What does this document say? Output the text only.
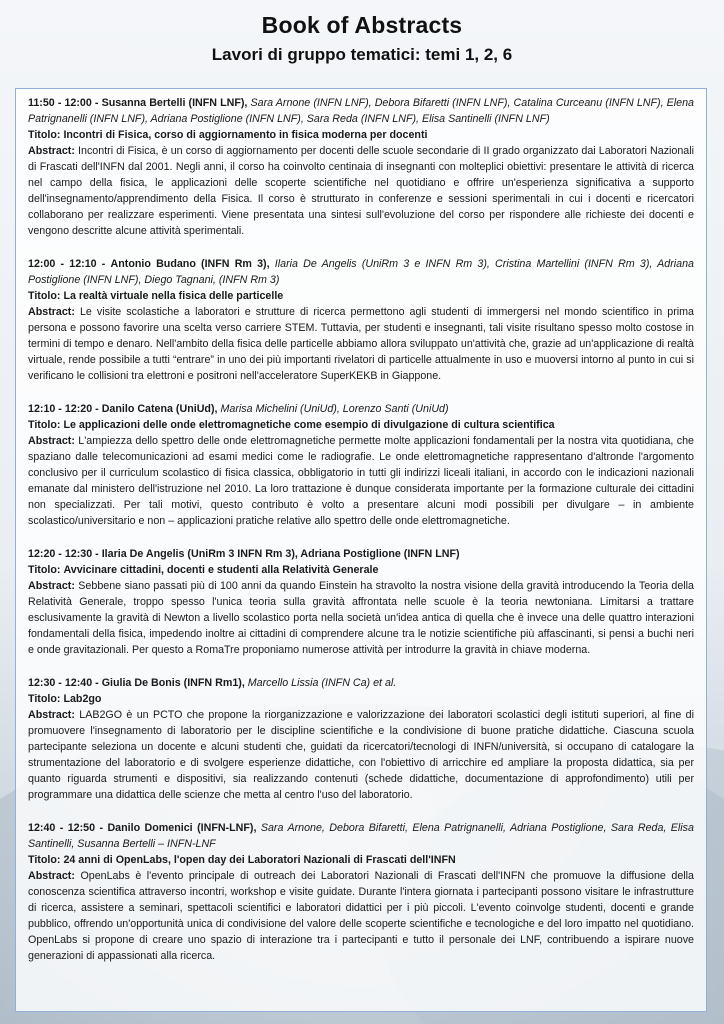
Book of Abstracts
Lavori di gruppo tematici: temi 1, 2, 6

11:50 - 12:00 - Susanna Bertelli (INFN LNF), Sara Arnone (INFN LNF), Debora Bifaretti (INFN LNF), Catalina Curceanu (INFN LNF), Elena Patrignanelli (INFN LNF), Adriana Postiglione (INFN LNF), Sara Reda (INFN LNF), Elisa Santinelli (INFN LNF)

Titolo: Incontri di Fisica, corso di aggiornamento in fisica moderna per docenti

Abstract: Incontri di Fisica, è un corso di aggiornamento per docenti delle scuole secondarie di II grado organizzato dai Laboratori Nazionali di Frascati dell'INFN dal 2001. Negli anni, il corso ha coinvolto centinaia di insegnanti con molteplici obiettivi: presentare le attività di ricerca nel campo della fisica, le applicazioni delle scoperte scientifiche nel quotidiano e offrire un'esperienza significativa a supporto dell'insegnamento/apprendimento della Fisica. Il corso è strutturato in conferenze e sessioni sperimentali in cui i docenti e ricercatori collaborano per realizzare esperimenti. Viene presentata una sintesi sull'evoluzione del corso per rispondere alle richieste dei docenti e vengono descritte alcune attività sperimentali.

12:00 - 12:10 - Antonio Budano (INFN Rm 3), Ilaria De Angelis (UniRm 3 e INFN Rm 3), Cristina Martellini (INFN Rm 3), Adriana Postiglione (INFN LNF), Diego Tagnani, (INFN Rm 3)

Titolo: La realtà virtuale nella fisica delle particelle

Abstract: Le visite scolastiche a laboratori e strutture di ricerca permettono agli studenti di immergersi nel mondo scientifico in prima persona e possono favorire una scelta verso carriere STEM. Tuttavia, per studenti e insegnanti, tali visite risultano spesso molto costose in termini di tempo e denaro. Nell'ambito della fisica delle particelle abbiamo allora sviluppato un'attività che, grazie ad un'applicazione di realtà virtuale, rende possibile a tutti “entrare” in uno dei più importanti rivelatori di particelle attualmente in uso e muoversi intorno al punto in cui si verificano le collisioni tra elettroni e positroni nell'acceleratore SuperKEKB in Giappone.

12:10 - 12:20 - Danilo Catena (UniUd), Marisa Michelini (UniUd), Lorenzo Santi (UniUd)

Titolo: Le applicazioni delle onde elettromagnetiche come esempio di divulgazione di cultura scientifica

Abstract: L'ampiezza dello spettro delle onde elettromagnetiche permette molte applicazioni fondamentali per la nostra vita quotidiana, che spaziano dalle telecomunicazioni ad esami medici come le radiografie. Le onde elettromagnetiche rappresentano d'altronde l'argomento conclusivo per il curriculum scolastico di fisica classica, obbligatorio in tutti gli indirizzi liceali italiani, in accordo con le indicazioni nazionali emanate dal ministero dell'istruzione nel 2010. La loro trattazione è dunque considerata importante per la formazione culturale dei cittadini non specializzati. Per tali motivi, questo contributo è volto a presentare alcuni modi possibili per divulgare – in ambiente scolastico/universitario e non – applicazioni pratiche relative allo spettro delle onde elettromagnetiche.

12:20 - 12:30 - Ilaria De Angelis (UniRm 3 INFN Rm 3), Adriana Postiglione (INFN LNF)

Titolo: Avvicinare cittadini, docenti e studenti alla Relatività Generale

Abstract: Sebbene siano passati più di 100 anni da quando Einstein ha stravolto la nostra visione della gravità introducendo la Teoria della Relatività Generale, troppo spesso l'unica teoria sulla gravità affrontata nelle scuole è la teoria newtoniana. Limitarsi a trattare esclusivamente la gravità di Newton a livello scolastico porta nella società un'idea antica di quella che è invece una delle quattro interazioni fondamentali della fisica, impedendo inoltre ai cittadini di comprendere alcune tra le notizie scientifiche più affascinanti, si pensi a buchi neri e onde gravitazionali. Per questo a RomaTre proponiamo numerose attività per introdurre la gravità in chiave moderna.

12:30 - 12:40 - Giulia De Bonis (INFN Rm1), Marcello Lissia (INFN Ca) et al.

Titolo: Lab2go

Abstract: LAB2GO è un PCTO che propone la riorganizzazione e valorizzazione dei laboratori scolastici degli istituti superiori, al fine di promuovere l'insegnamento di laboratorio per le discipline scientifiche e la condivisione di buone pratiche didattiche. Ciascuna scuola partecipante seleziona un docente e alcuni studenti che, guidati da ricercatori/tecnologi di INFN/università, si occupano di catalogare la strumentazione del laboratorio e di svolgere esperienze didattiche, con l'obiettivo di arricchire ed ampliare la proposta didattica, sia per quanto riguarda strumenti e dispositivi, sia realizzando contenuti (schede didattiche, documentazione di approfondimento) utili per programmare una didattica delle scienze che metta al centro l'uso del laboratorio.

12:40 - 12:50 - Danilo Domenici (INFN-LNF), Sara Arnone, Debora Bifaretti, Elena Patrignanelli, Adriana Postiglione, Sara Reda, Elisa Santinelli, Susanna Bertelli – INFN-LNF

Titolo: 24 anni di OpenLabs, l'open day dei Laboratori Nazionali di Frascati dell'INFN

Abstract: OpenLabs è l'evento principale di outreach dei Laboratori Nazionali di Frascati dell'INFN che promuove la diffusione della conoscenza scientifica attraverso incontri, workshop e visite guidate. Durante l'intera giornata i partecipanti possono visitare le infrastrutture di ricerca, assistere a seminari, spettacoli scientifici e laboratori didattici per i più piccoli. L'evento coinvolge studenti, docenti e grande pubblico, offrendo un'opportunità unica di condivisione del valore delle scoperte scientifiche e tecnologiche e del loro impatto nel quotidiano. OpenLabs si propone di creare uno spazio di interazione tra i partecipanti e tutto il personale dei LNF, contribuendo a ispirare nuove generazioni di appassionati alla ricerca.
